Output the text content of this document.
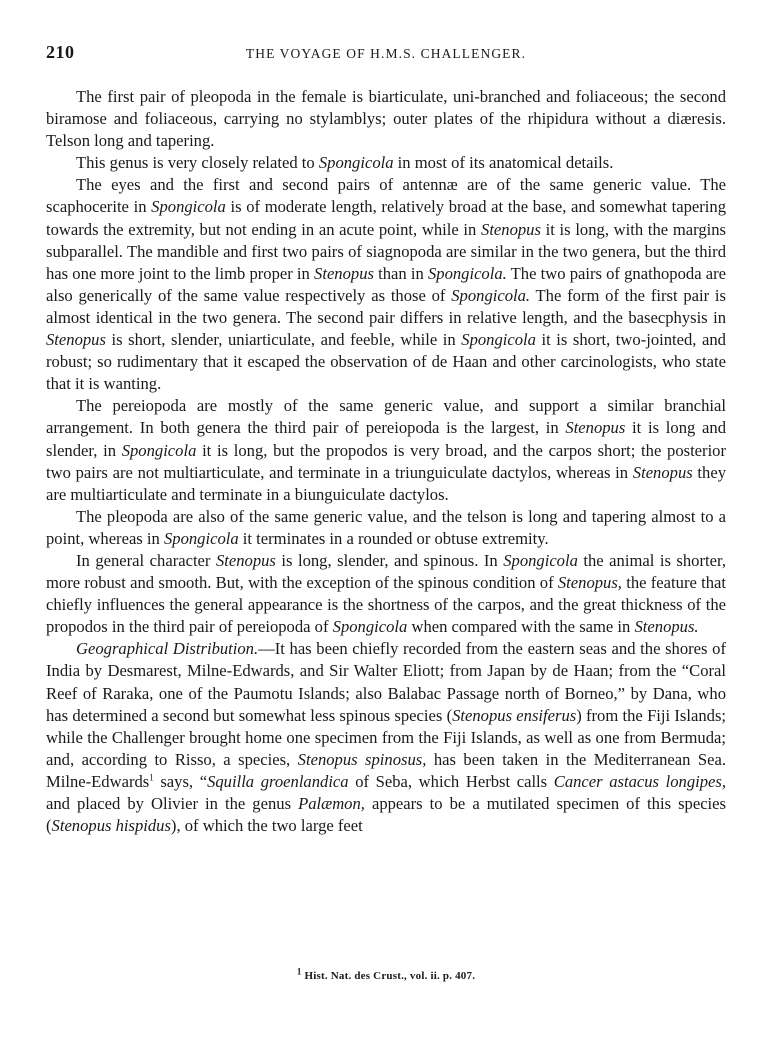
210	THE VOYAGE OF H.M.S. CHALLENGER.

The first pair of pleopoda in the female is biarticulate, uni-branched and foliaceous; the second biramose and foliaceous, carrying no stylamblys; outer plates of the rhipidura without a diæresis. Telson long and tapering.

This genus is very closely related to Spongicola in most of its anatomical details.

The eyes and the first and second pairs of antennæ are of the same generic value. The scaphocerite in Spongicola is of moderate length, relatively broad at the base, and somewhat tapering towards the extremity, but not ending in an acute point, while in Stenopus it is long, with the margins subparallel. The mandible and first two pairs of siagnopoda are similar in the two genera, but the third has one more joint to the limb proper in Stenopus than in Spongicola. The two pairs of gnathopoda are also generically of the same value respectively as those of Spongicola. The form of the first pair is almost identical in the two genera. The second pair differs in relative length, and the basecphysis in Stenopus is short, slender, uniarticulate, and feeble, while in Spongicola it is short, two-jointed, and robust; so rudimentary that it escaped the observation of de Haan and other carcinologists, who state that it is wanting.

The pereiopoda are mostly of the same generic value, and support a similar branchial arrangement. In both genera the third pair of pereiopoda is the largest, in Stenopus it is long and slender, in Spongicola it is long, but the propodos is very broad, and the carpos short; the posterior two pairs are not multiarticulate, and terminate in a triunguiculate dactylos, whereas in Stenopus they are multiarticulate and terminate in a biunguiculate dactylos.

The pleopoda are also of the same generic value, and the telson is long and tapering almost to a point, whereas in Spongicola it terminates in a rounded or obtuse extremity.

In general character Stenopus is long, slender, and spinous. In Spongicola the animal is shorter, more robust and smooth. But, with the exception of the spinous condition of Stenopus, the feature that chiefly influences the general appearance is the shortness of the carpos, and the great thickness of the propodos in the third pair of pereiopoda of Spongicola when compared with the same in Stenopus.

Geographical Distribution.—It has been chiefly recorded from the eastern seas and the shores of India by Desmarest, Milne-Edwards, and Sir Walter Eliott; from Japan by de Haan; from the “Coral Reef of Raraka, one of the Paumotu Islands; also Balabac Passage north of Borneo,” by Dana, who has determined a second but somewhat less spinous species (Stenopus ensiferus) from the Fiji Islands; while the Challenger brought home one specimen from the Fiji Islands, as well as one from Bermuda; and, according to Risso, a species, Stenopus spinosus, has been taken in the Mediterranean Sea. Milne-Edwards$^1$ says, “Squilla groenlandica of Seba, which Herbst calls Cancer astacus longipes, and placed by Olivier in the genus Palæmon, appears to be a mutilated specimen of this species (Stenopus hispidus), of which the two large feet

$^1$ Hist. Nat. des Crust., vol. ii. p. 407.
